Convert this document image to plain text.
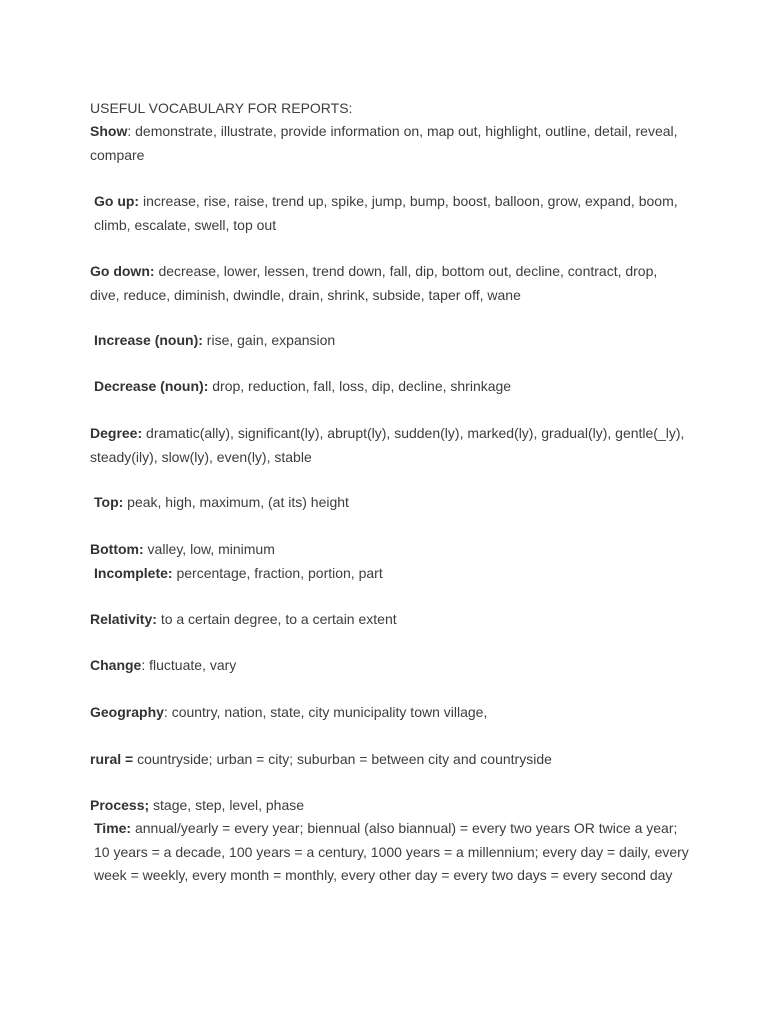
USEFUL VOCABULARY FOR REPORTS:
Show: demonstrate, illustrate, provide information on, map out, highlight, outline, detail, reveal, compare
Go up: increase, rise, raise, trend up, spike, jump, bump, boost, balloon, grow, expand, boom, climb, escalate, swell, top out
Go down: decrease, lower, lessen, trend down, fall, dip, bottom out, decline, contract, drop, dive, reduce, diminish, dwindle, drain, shrink, subside, taper off, wane
Increase (noun): rise, gain, expansion
Decrease (noun): drop, reduction, fall, loss, dip, decline, shrinkage
Degree: dramatic(ally), significant(ly), abrupt(ly), sudden(ly), marked(ly), gradual(ly), gentle(_ly), steady(ily), slow(ly), even(ly), stable
Top: peak, high, maximum, (at its) height
Bottom: valley, low, minimum
Incomplete: percentage, fraction, portion, part
Relativity: to a certain degree, to a certain extent
Change: fluctuate, vary
Geography: country, nation, state, city municipality town village,
rural = countryside; urban = city; suburban = between city and countryside
Process; stage, step, level, phase
Time: annual/yearly = every year; biennual (also biannual) = every two years OR twice a year; 10 years = a decade, 100 years = a century, 1000 years = a millennium; every day = daily, every week = weekly, every month = monthly, every other day = every two days = every second day
